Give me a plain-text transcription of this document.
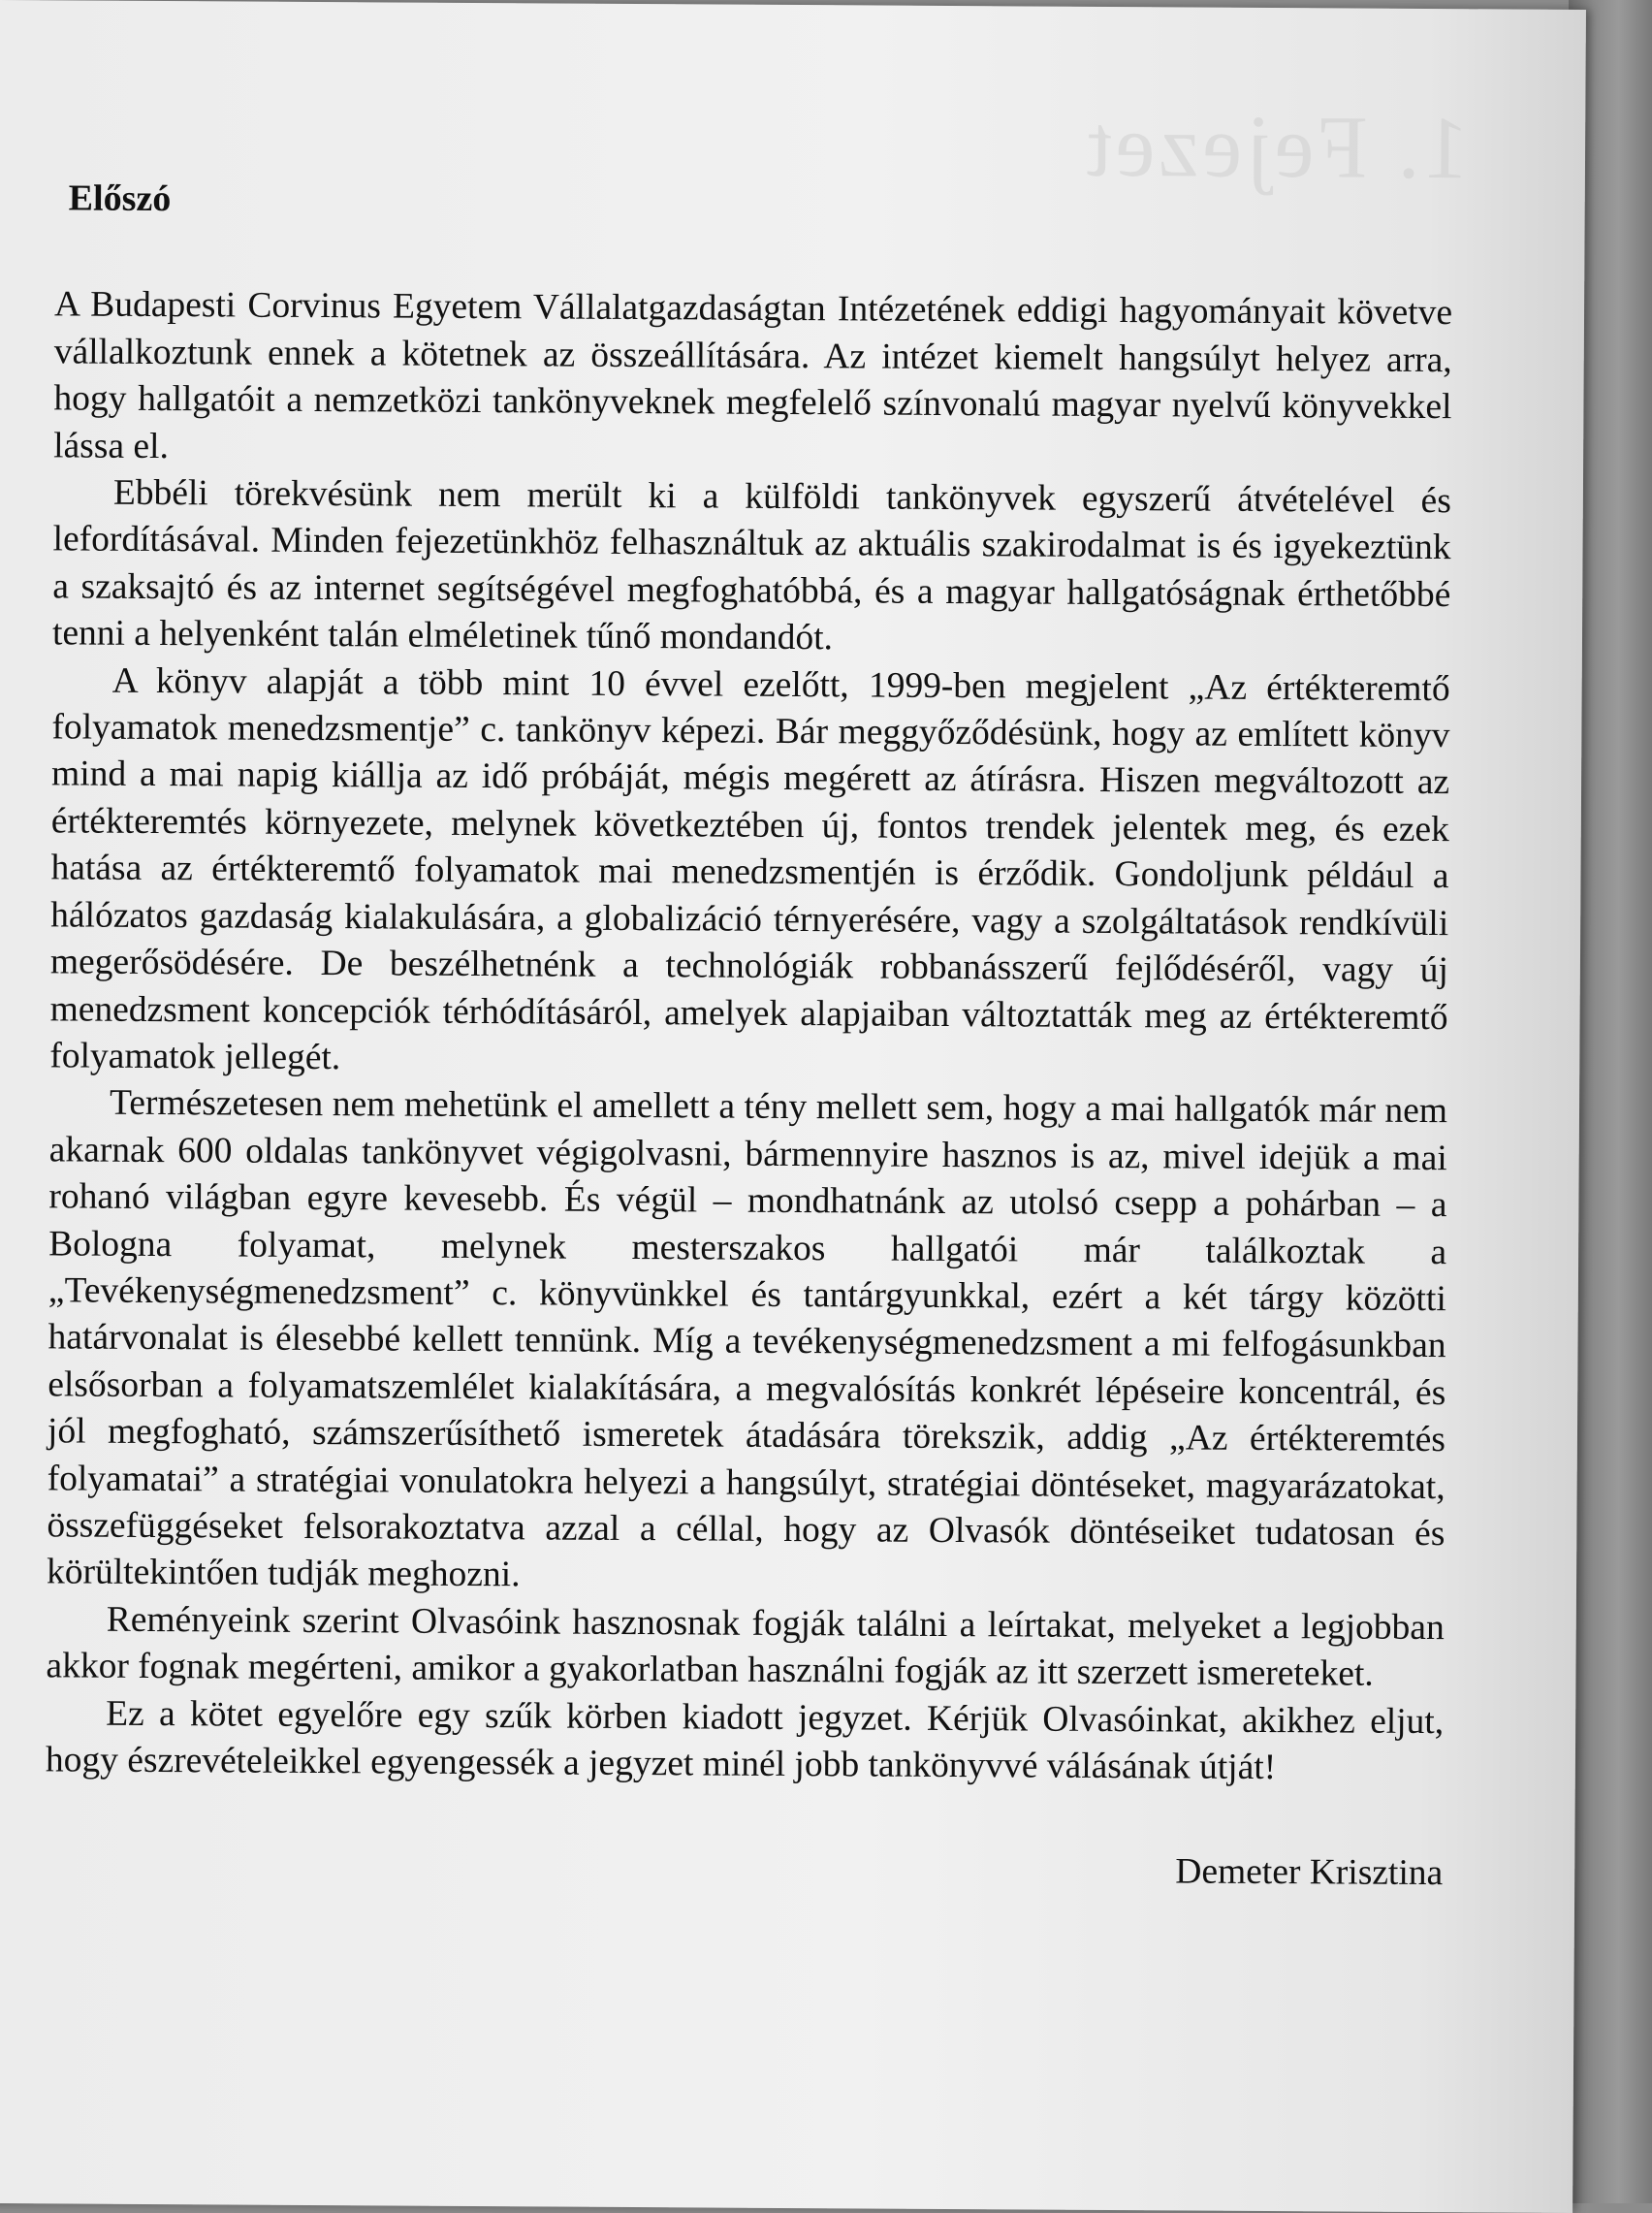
1. Fejezet
Előszó

A Budapesti Corvinus Egyetem Vállalatgazdaságtan Intézetének eddigi hagyományait követve vállalkoztunk ennek a kötetnek az összeállítására. Az intézet kiemelt hangsúlyt helyez arra, hogy hallgatóit a nemzetközi tankönyveknek megfelelő színvonalú magyar nyelvű könyvekkel lássa el.

Ebbéli törekvésünk nem merült ki a külföldi tankönyvek egyszerű átvételével és lefordításával. Minden fejezetünkhöz felhasználtuk az aktuális szakirodalmat is és igyekeztünk a szaksajtó és az internet segítségével megfoghatóbbá, és a magyar hallgatóságnak érthetőbbé tenni a helyenként talán elméletinek tűnő mondandót.

A könyv alapját a több mint 10 évvel ezelőtt, 1999-ben megjelent „Az értékteremtő folyamatok menedzsmentje” c. tankönyv képezi. Bár meggyőződésünk, hogy az említett könyv mind a mai napig kiállja az idő próbáját, mégis megérett az átírásra. Hiszen megváltozott az értékteremtés környezete, melynek következtében új, fontos trendek jelentek meg, és ezek hatása az értékteremtő folyamatok mai menedzsmentjén is érződik. Gondoljunk például a hálózatos gazdaság kialakulására, a globalizáció térnyerésére, vagy a szolgáltatások rendkívüli megerősödésére. De beszélhetnénk a technológiák robbanásszerű fejlődéséről, vagy új menedzsment koncepciók térhódításáról, amelyek alapjaiban változtatták meg az értékteremtő folyamatok jellegét.

Természetesen nem mehetünk el amellett a tény mellett sem, hogy a mai hallgatók már nem akarnak 600 oldalas tankönyvet végigolvasni, bármennyire hasznos is az, mivel idejük a mai rohanó világban egyre kevesebb. És végül – mondhatnánk az utolsó csepp a pohárban – a Bologna folyamat, melynek mesterszakos hallgatói már találkoztak a „Tevékenységmenedzsment” c. könyvünkkel és tantárgyunkkal, ezért a két tárgy közötti határvonalat is élesebbé kellett tennünk. Míg a tevékenységmenedzsment a mi felfogásunkban elsősorban a folyamatszemlélet kialakítására, a megvalósítás konkrét lépéseire koncentrál, és jól megfogható, számszerűsíthető ismeretek átadására törekszik, addig „Az értékteremtés folyamatai” a stratégiai vonulatokra helyezi a hangsúlyt, stratégiai döntéseket, magyarázatokat, összefüggéseket felsorakoztatva azzal a céllal, hogy az Olvasók döntéseiket tudatosan és körültekintően tudják meghozni.

Reményeink szerint Olvasóink hasznosnak fogják találni a leírtakat, melyeket a legjobban akkor fognak megérteni, amikor a gyakorlatban használni fogják az itt szerzett ismereteket.

Ez a kötet egyelőre egy szűk körben kiadott jegyzet. Kérjük Olvasóinkat, akikhez eljut, hogy észrevételeikkel egyengessék a jegyzet minél jobb tankönyvvé válásának útját!

Demeter Krisztina
